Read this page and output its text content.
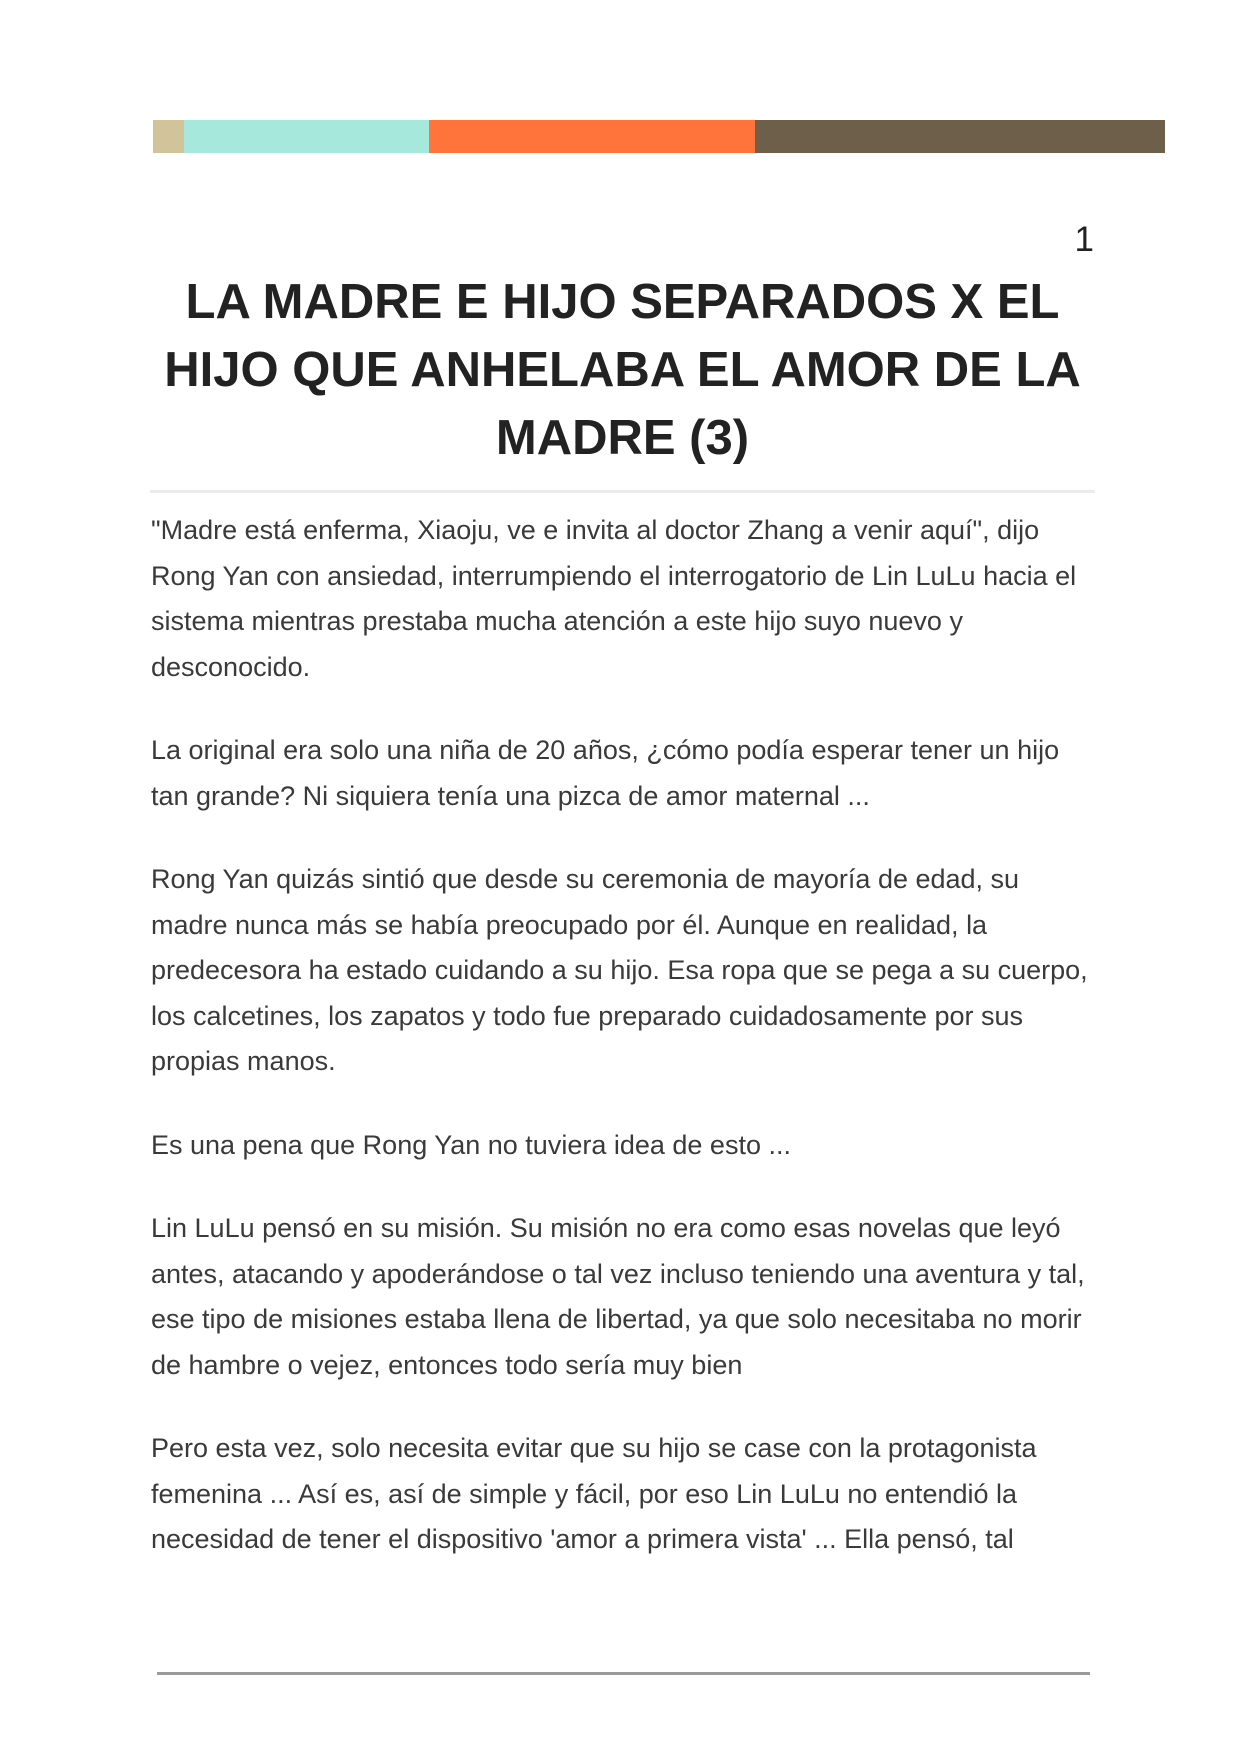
1
LA MADRE E HIJO SEPARADOS X EL HIJO QUE ANHELABA EL AMOR DE LA MADRE (3)

"Madre está enferma, Xiaoju, ve e invita al doctor Zhang a venir aquí", dijo Rong Yan con ansiedad, interrumpiendo el interrogatorio de Lin LuLu hacia el sistema mientras prestaba mucha atención a este hijo suyo nuevo y desconocido.

La original era solo una niña de 20 años, ¿cómo podía esperar tener un hijo tan grande? Ni siquiera tenía una pizca de amor maternal ...

Rong Yan quizás sintió que desde su ceremonia de mayoría de edad, su madre nunca más se había preocupado por él. Aunque en realidad, la predecesora ha estado cuidando a su hijo. Esa ropa que se pega a su cuerpo, los calcetines, los zapatos y todo fue preparado cuidadosamente por sus propias manos.

Es una pena que Rong Yan no tuviera idea de esto ...

Lin LuLu pensó en su misión. Su misión no era como esas novelas que leyó antes, atacando y apoderándose o tal vez incluso teniendo una aventura y tal, ese tipo de misiones estaba llena de libertad, ya que solo necesitaba no morir de hambre o vejez, entonces todo sería muy bien

Pero esta vez, solo necesita evitar que su hijo se case con la protagonista femenina ... Así es, así de simple y fácil, por eso Lin LuLu no entendió la necesidad de tener el dispositivo 'amor a primera vista' ... Ella pensó, tal
